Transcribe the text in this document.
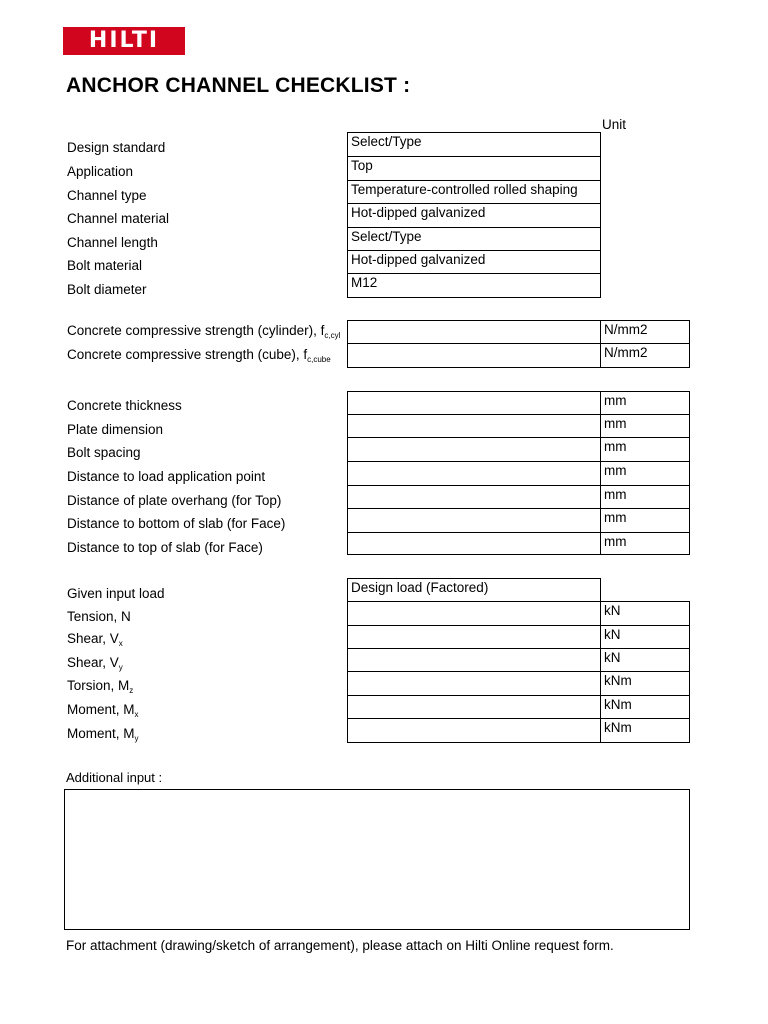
HILTI
ANCHOR CHANNEL CHECKLIST :
Unit
Design standard
Application
Channel type
Channel material
Channel length
Bolt material
Bolt diameter
Select/Type
Top
Temperature-controlled rolled shaping
Hot-dipped galvanized
Select/Type
Hot-dipped galvanized
M12
Concrete compressive strength (cylinder), $f_{c,cyl}$
Concrete compressive strength (cube), $f_{c,cube}$
N/mm2
N/mm2
Concrete thickness
Plate dimension
Bolt spacing
Distance to load application point
Distance of plate overhang (for Top)
Distance to bottom of slab (for Face)
Distance to top of slab (for Face)
mm
mm
mm
mm
mm
mm
mm
Given input load
Tension, N
Shear, $V_x$
Shear, $V_y$
Torsion, $M_z$
Moment, $M_x$
Moment, $M_y$
Design load (Factored)
kN
kN
kN
kNm
kNm
kNm
Additional input :
For attachment (drawing/sketch of arrangement), please attach on Hilti Online request form.
